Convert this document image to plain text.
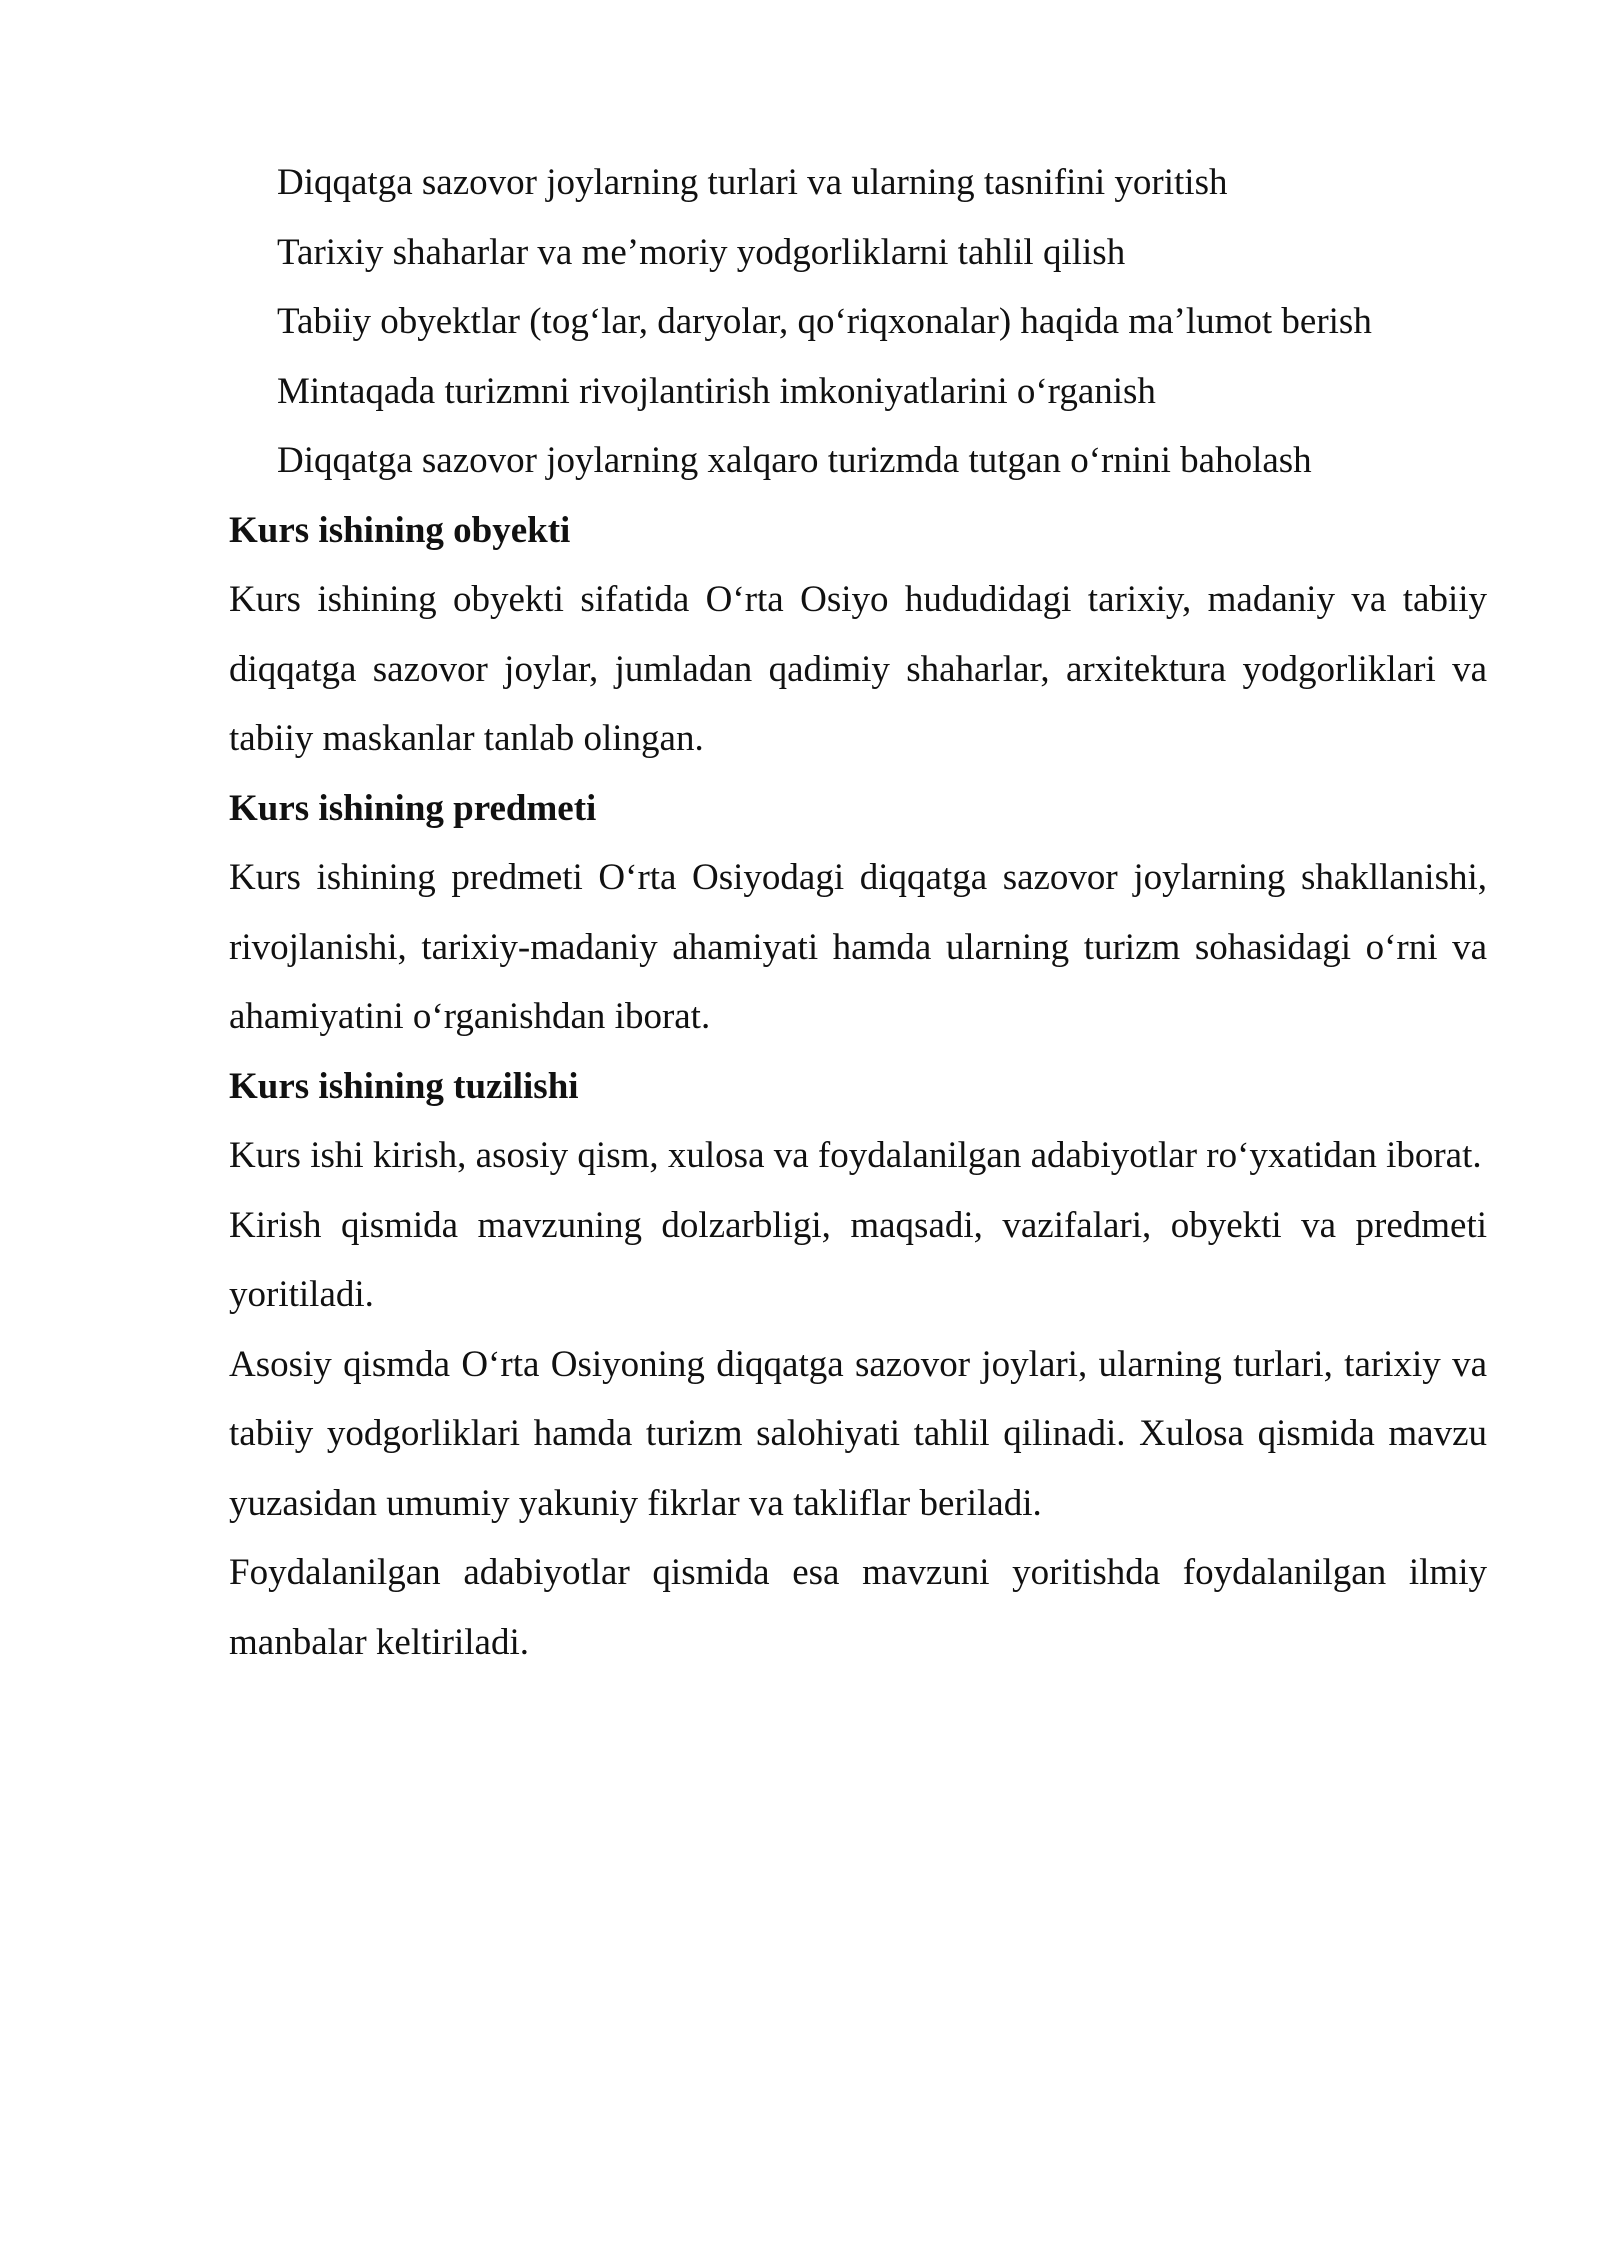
Diqqatga sazovor joylarning turlari va ularning tasnifini yoritish

Tarixiy shaharlar va me’moriy yodgorliklarni tahlil qilish

Tabiiy obyektlar (tog‘lar, daryolar, qo‘riqxonalar) haqida ma’lumot berish

Mintaqada turizmni rivojlantirish imkoniyatlarini o‘rganish

Diqqatga sazovor joylarning xalqaro turizmda tutgan o‘rnini baholash

Kurs ishining obyekti

Kurs ishining obyekti sifatida O‘rta Osiyo hududidagi tarixiy, madaniy va tabiiy diqqatga sazovor joylar, jumladan qadimiy shaharlar, arxitektura yodgorliklari va tabiiy maskanlar tanlab olingan.

Kurs ishining predmeti

Kurs ishining predmeti O‘rta Osiyodagi diqqatga sazovor joylarning shakllanishi, rivojlanishi, tarixiy-madaniy ahamiyati hamda ularning turizm sohasidagi o‘rni va ahamiyatini o‘rganishdan iborat.

Kurs ishining tuzilishi

Kurs ishi kirish, asosiy qism, xulosa va foydalanilgan adabiyotlar ro‘yxatidan iborat.

Kirish qismida mavzuning dolzarbligi, maqsadi, vazifalari, obyekti va predmeti yoritiladi.

Asosiy qismda O‘rta Osiyoning diqqatga sazovor joylari, ularning turlari, tarixiy va tabiiy yodgorliklari hamda turizm salohiyati tahlil qilinadi. Xulosa qismida mavzu yuzasidan umumiy yakuniy fikrlar va takliflar beriladi.

Foydalanilgan adabiyotlar qismida esa mavzuni yoritishda foydalanilgan ilmiy manbalar keltiriladi.
